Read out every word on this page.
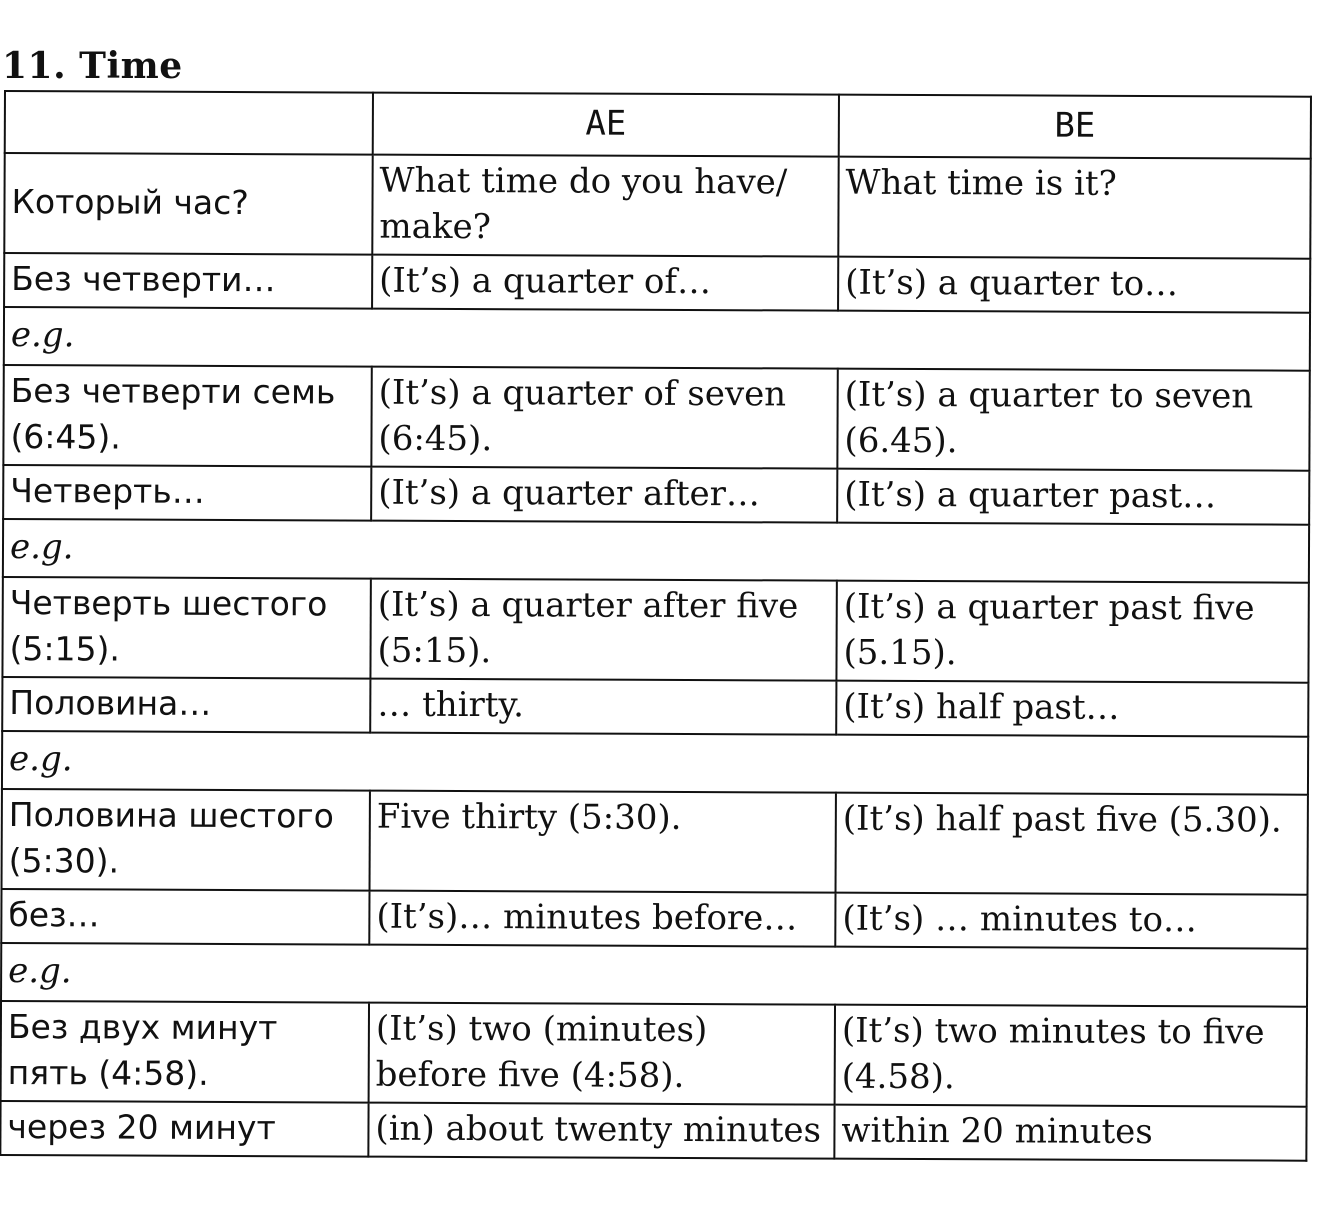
11. Time
	AE	BE
Который час?	What time do you have/ make?	What time is it?
Без четверти…	(It’s) a quarter of…	(It’s) a quarter to…
e.g.		
Без четверти семь (6:45).	(It’s) a quarter of seven (6:45).	(It’s) a quarter to seven (6.45).
Четверть…	(It’s) a quarter after…	(It’s) a quarter past…
e.g.		
Четверть шестого (5:15).	(It’s) a quarter after five (5:15).	(It’s) a quarter past five (5.15).
Половина…	… thirty.	(It’s) half past…
e.g.		
Половина шестого (5:30).	Five thirty (5:30).	(It’s) half past five (5.30).
без…	(It’s)… minutes before…	(It’s) … minutes to…
e.g.		
Без двух минут пять (4:58).	(It’s) two (minutes) before five (4:58).	(It’s) two minutes to five (4.58).
через 20 минут	(in) about twenty minutes	within 20 minutes
